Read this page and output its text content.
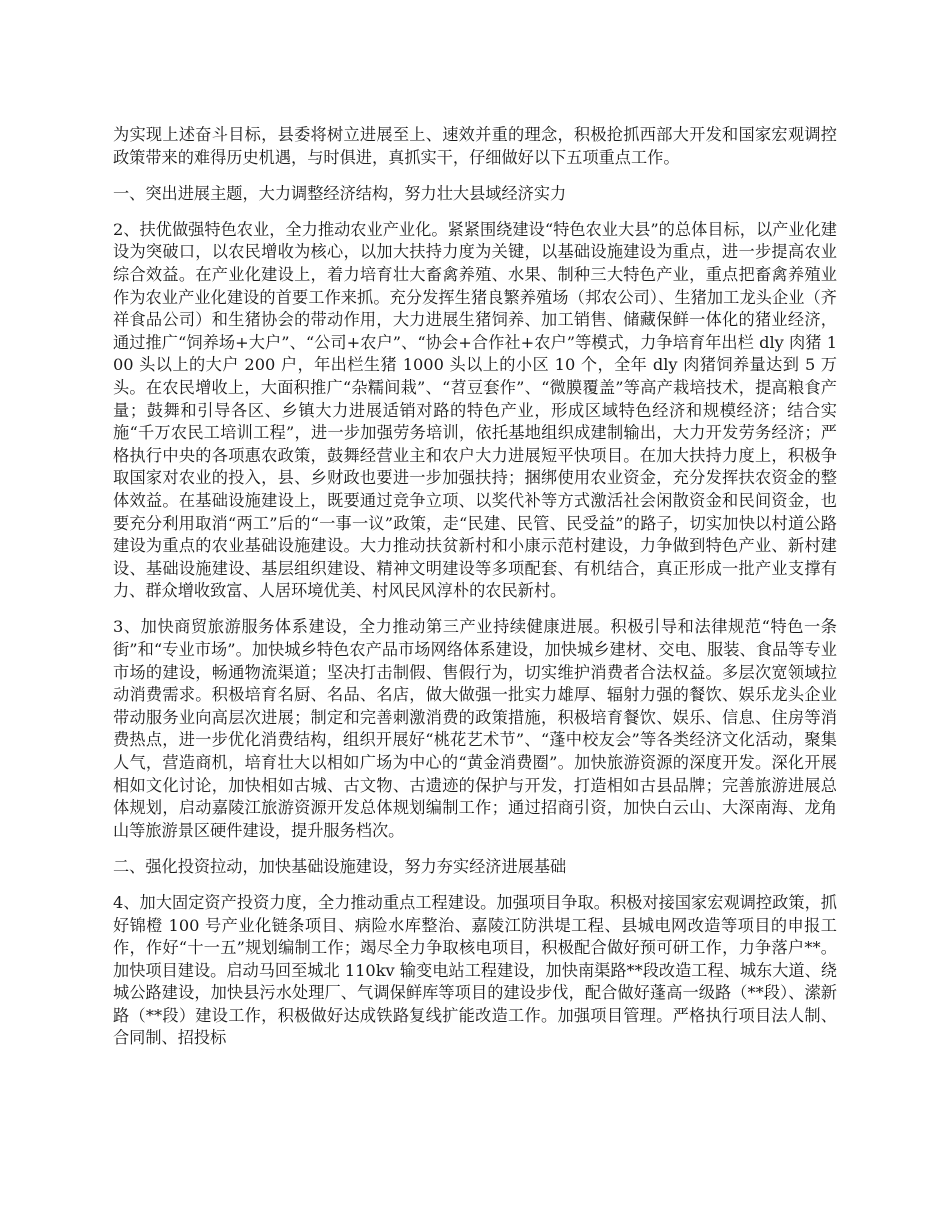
为实现上述奋斗目标，县委将树立进展至上、速效并重的理念，积极抢抓西部大开发和国家宏观调控政策带来的难得历史机遇，与时俱进，真抓实干，仔细做好以下五项重点工作。

一、突出进展主题，大力调整经济结构，努力壮大县域经济实力

2、扶优做强特色农业，全力推动农业产业化。紧紧围绕建设“特色农业大县”的总体目标，以产业化建设为突破口，以农民增收为核心，以加大扶持力度为关键，以基础设施建设为重点，进一步提高农业综合效益。在产业化建设上，着力培育壮大畜禽养殖、水果、制种三大特色产业，重点把畜禽养殖业作为农业产业化建设的首要工作来抓。充分发挥生猪良繁养殖场（邦农公司）、生猪加工龙头企业（齐祥食品公司）和生猪协会的带动作用，大力进展生猪饲养、加工销售、储藏保鲜一体化的猪业经济，通过推广“饲养场+大户”、“公司+农户”、“协会+合作社+农户”等模式，力争培育年出栏 dly 肉猪 100 头以上的大户 200 户，年出栏生猪 1000 头以上的小区 10 个，全年 dly 肉猪饲养量达到 5 万头。在农民增收上，大面积推广“杂糯间栽”、“苕豆套作”、“微膜覆盖”等高产栽培技术，提高粮食产量；鼓舞和引导各区、乡镇大力进展适销对路的特色产业，形成区域特色经济和规模经济；结合实施“千万农民工培训工程”，进一步加强劳务培训，依托基地组织成建制输出，大力开发劳务经济；严格执行中央的各项惠农政策，鼓舞经营业主和农户大力进展短平快项目。在加大扶持力度上，积极争取国家对农业的投入，县、乡财政也要进一步加强扶持；捆绑使用农业资金，充分发挥扶农资金的整体效益。在基础设施建设上，既要通过竞争立项、以奖代补等方式激活社会闲散资金和民间资金，也要充分利用取消“两工”后的“一事一议”政策，走“民建、民管、民受益”的路子，切实加快以村道公路建设为重点的农业基础设施建设。大力推动扶贫新村和小康示范村建设，力争做到特色产业、新村建设、基础设施建设、基层组织建设、精神文明建设等多项配套、有机结合，真正形成一批产业支撑有力、群众增收致富、人居环境优美、村风民风淳朴的农民新村。

3、加快商贸旅游服务体系建设，全力推动第三产业持续健康进展。积极引导和法律规范“特色一条街”和“专业市场”。加快城乡特色农产品市场网络体系建设，加快城乡建材、交电、服装、食品等专业市场的建设，畅通物流渠道；坚决打击制假、售假行为，切实维护消费者合法权益。多层次宽领域拉动消费需求。积极培育名厨、名品、名店，做大做强一批实力雄厚、辐射力强的餐饮、娱乐龙头企业带动服务业向高层次进展；制定和完善刺激消费的政策措施，积极培育餐饮、娱乐、信息、住房等消费热点，进一步优化消费结构，组织开展好“桃花艺术节”、“蓬中校友会”等各类经济文化活动，聚集人气，营造商机，培育壮大以相如广场为中心的“黄金消费圈”。加快旅游资源的深度开发。深化开展相如文化讨论，加快相如古城、古文物、古遗迹的保护与开发，打造相如古县品牌；完善旅游进展总体规划，启动嘉陵江旅游资源开发总体规划编制工作；通过招商引资，加快白云山、大深南海、龙角山等旅游景区硬件建设，提升服务档次。

二、强化投资拉动，加快基础设施建设，努力夯实经济进展基础

4、加大固定资产投资力度，全力推动重点工程建设。加强项目争取。积极对接国家宏观调控政策，抓好锦橙 100 号产业化链条项目、病险水库整治、嘉陵江防洪堤工程、县城电网改造等项目的申报工作，作好“十一五”规划编制工作；竭尽全力争取核电项目，积极配合做好预可研工作，力争落户**。加快项目建设。启动马回至城北 110kv 输变电站工程建设，加快南渠路**段改造工程、城东大道、绕城公路建设，加快县污水处理厂、气调保鲜库等项目的建设步伐，配合做好蓬高一级路（**段）、潆新路（**段）建设工作，积极做好达成铁路复线扩能改造工作。加强项目管理。严格执行项目法人制、合同制、招投标
